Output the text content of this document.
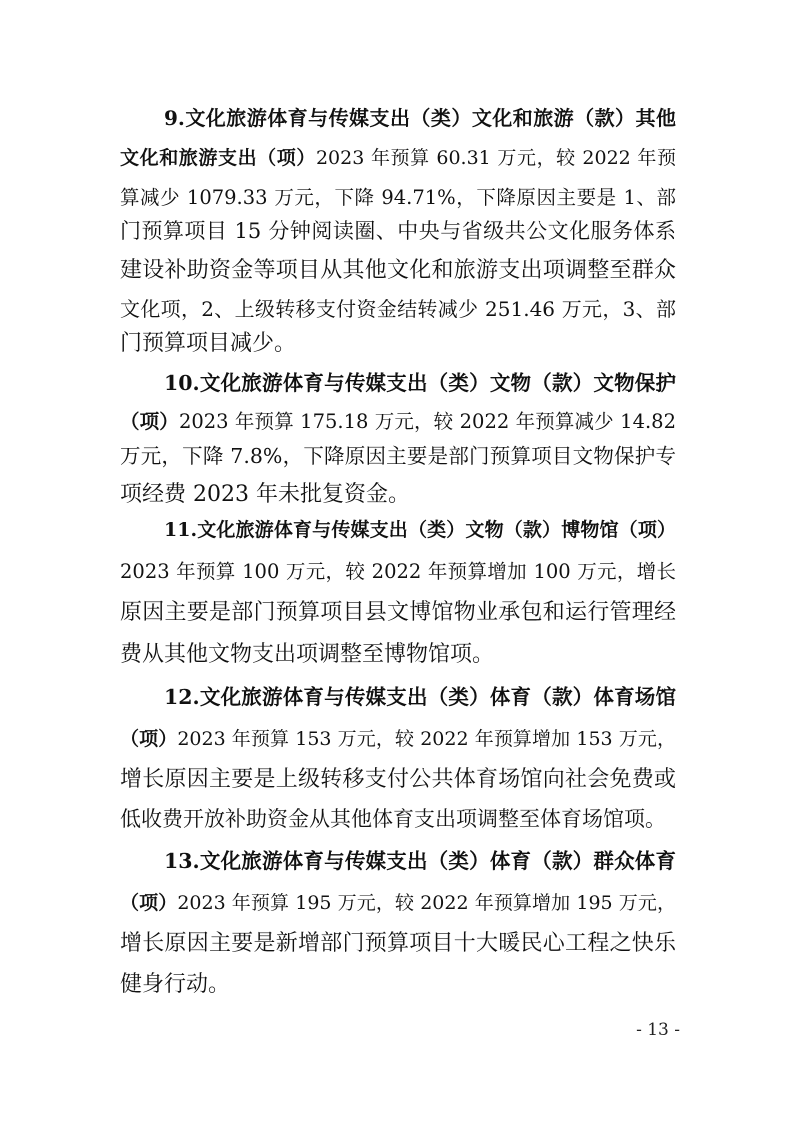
9.文化旅游体育与传媒支出（类）文化和旅游（款）其他
文化和旅游支出（项）2023 年预算 60.31 万元，较 2022 年预
算减少 1079.33 万元，下降 94.71%，下降原因主要是 1、部
门预算项目 15 分钟阅读圈、中央与省级共公文化服务体系
建设补助资金等项目从其他文化和旅游支出项调整至群众
文化项，2、上级转移支付资金结转减少 251.46 万元，3、部
门预算项目减少。
10.文化旅游体育与传媒支出（类）文物（款）文物保护
（项）2023 年预算 175.18 万元，较 2022 年预算减少 14.82
万元，下降 7.8%，下降原因主要是部门预算项目文物保护专
项经费 2023 年未批复资金。
11.文化旅游体育与传媒支出（类）文物（款）博物馆（项）
2023 年预算 100 万元，较 2022 年预算增加 100 万元，增长
原因主要是部门预算项目县文博馆物业承包和运行管理经
费从其他文物支出项调整至博物馆项。
12.文化旅游体育与传媒支出（类）体育（款）体育场馆
（项）2023 年预算 153 万元，较 2022 年预算增加 153 万元，
增长原因主要是上级转移支付公共体育场馆向社会免费或
低收费开放补助资金从其他体育支出项调整至体育场馆项。
13.文化旅游体育与传媒支出（类）体育（款）群众体育
（项）2023 年预算 195 万元，较 2022 年预算增加 195 万元，
增长原因主要是新增部门预算项目十大暖民心工程之快乐
健身行动。
- 13 -
